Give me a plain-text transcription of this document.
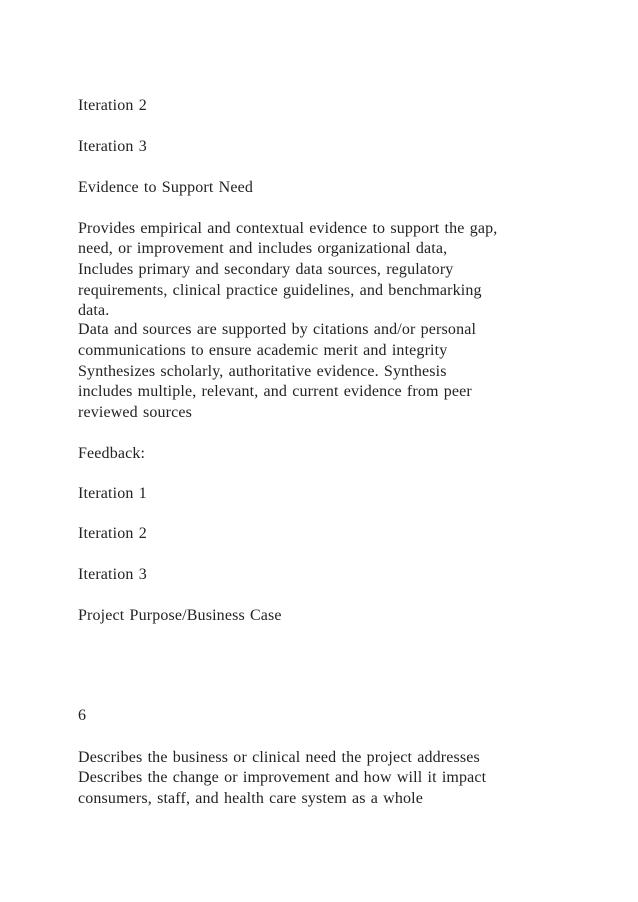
Iteration 2

Iteration 3

Evidence to Support Need

Provides empirical and contextual evidence to support the gap,

need, or improvement and includes organizational data,

Includes primary and secondary data sources, regulatory

requirements, clinical practice guidelines, and benchmarking

data.

Data and sources are supported by citations and/or personal

communications to ensure academic merit and integrity

Synthesizes scholarly, authoritative evidence. Synthesis

includes multiple, relevant, and current evidence from peer

reviewed sources

Feedback:

Iteration 1

Iteration 2

Iteration 3

Project Purpose/Business Case

6

Describes the business or clinical need the project addresses

Describes the change or improvement and how will it impact

consumers, staff, and health care system as a whole
